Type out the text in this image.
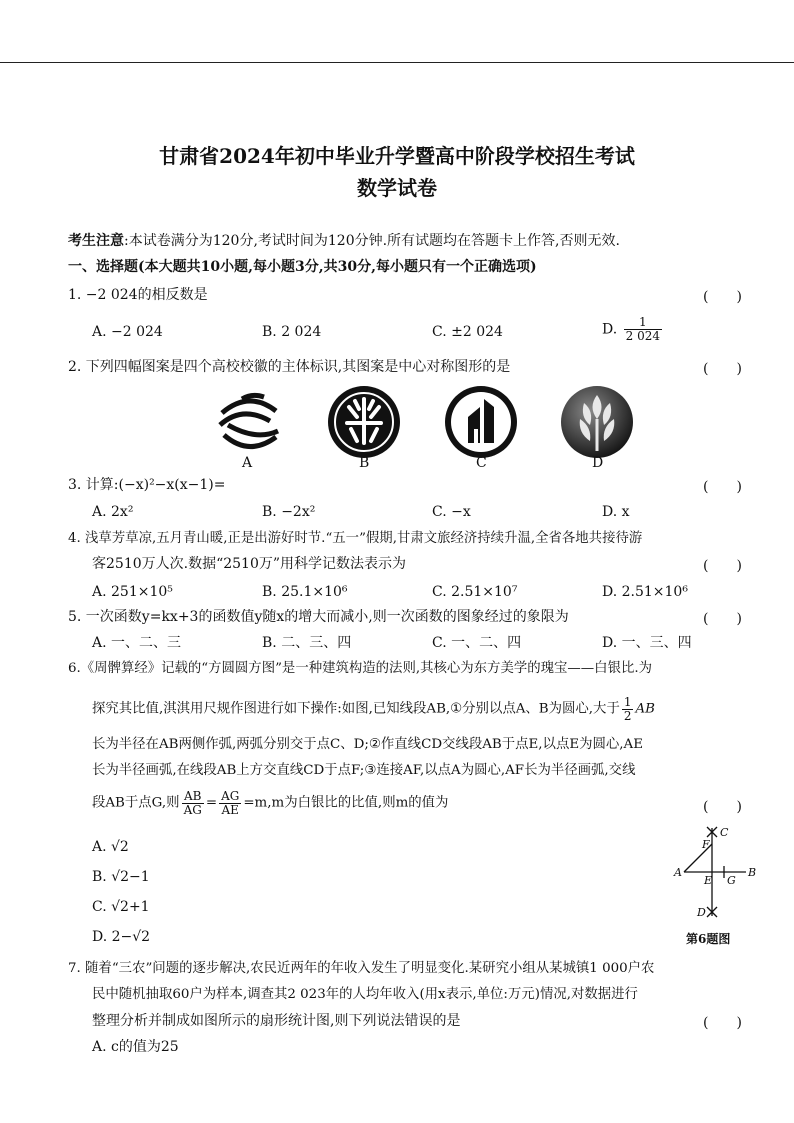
甘肃省2024年初中毕业升学暨高中阶段学校招生考试
数学试卷
考生注意:本试卷满分为120分,考试时间为120分钟.所有试题均在答题卡上作答,否则无效.
一、选择题(本大题共10小题,每小题3分,共30分,每小题只有一个正确选项)
1. −2 024的相反数是	(　　)
A. −2 024	B. 2 024	C. ±2 024	D. $\frac{1}{2 024}$
2. 下列四幅图案是四个高校校徽的主体标识,其图案是中心对称图形的是	(　　)
A	B	C	D
3. 计算:(−x)²−x(x−1)=	(　　)
A. 2x²	B. −2x²	C. −x	D. x
4. 浅草芳草凉,五月青山暖,正是出游好时节.“五一”假期,甘肃文旅经济持续升温,全省各地共接待游
客2510万人次.数据“2510万”用科学记数法表示为	(　　)
A. 251×10⁵	B. 25.1×10⁶	C. 2.51×10⁷	D. 2.51×10⁶
5. 一次函数y=kx+3的函数值y随x的增大而减小,则一次函数的图象经过的象限为	(　　)
A. 一、二、三	B. 二、三、四	C. 一、二、四	D. 一、三、四
6.《周髀算经》记载的“方圆圆方图”是一种建筑构造的法则,其核心为东方美学的瑰宝——白银比.为
探究其比值,淇淇用尺规作图进行如下操作:如图,已知线段AB,①分别以点A、B为圆心,大于 $\frac{1}{2}$ AB
长为半径在AB两侧作弧,两弧分别交于点C、D;②作直线CD交线段AB于点E,以点E为圆心,AE
长为半径画弧,在线段AB上方交直线CD于点F;③连接AF,以点A为圆心,AF长为半径画弧,交线
段AB于点G,则 $\frac{AB}{AG} = \frac{AG}{AE} =m,m$为白银比的比值,则m的值为	(　　)
A. √2
B. √2−1
C. √2+1
D. 2−√2
C
F
A
E G
B
D
第6题图
7. 随着“三农”问题的逐步解决,农民近两年的年收入发生了明显变化.某研究小组从某城镇1 000户农
民中随机抽取60户为样本,调查其2 023年的人均年收入(用x表示,单位:万元)情况,对数据进行
整理分析并制成如图所示的扇形统计图,则下列说法错误的是	(　　)
A. c的值为25
